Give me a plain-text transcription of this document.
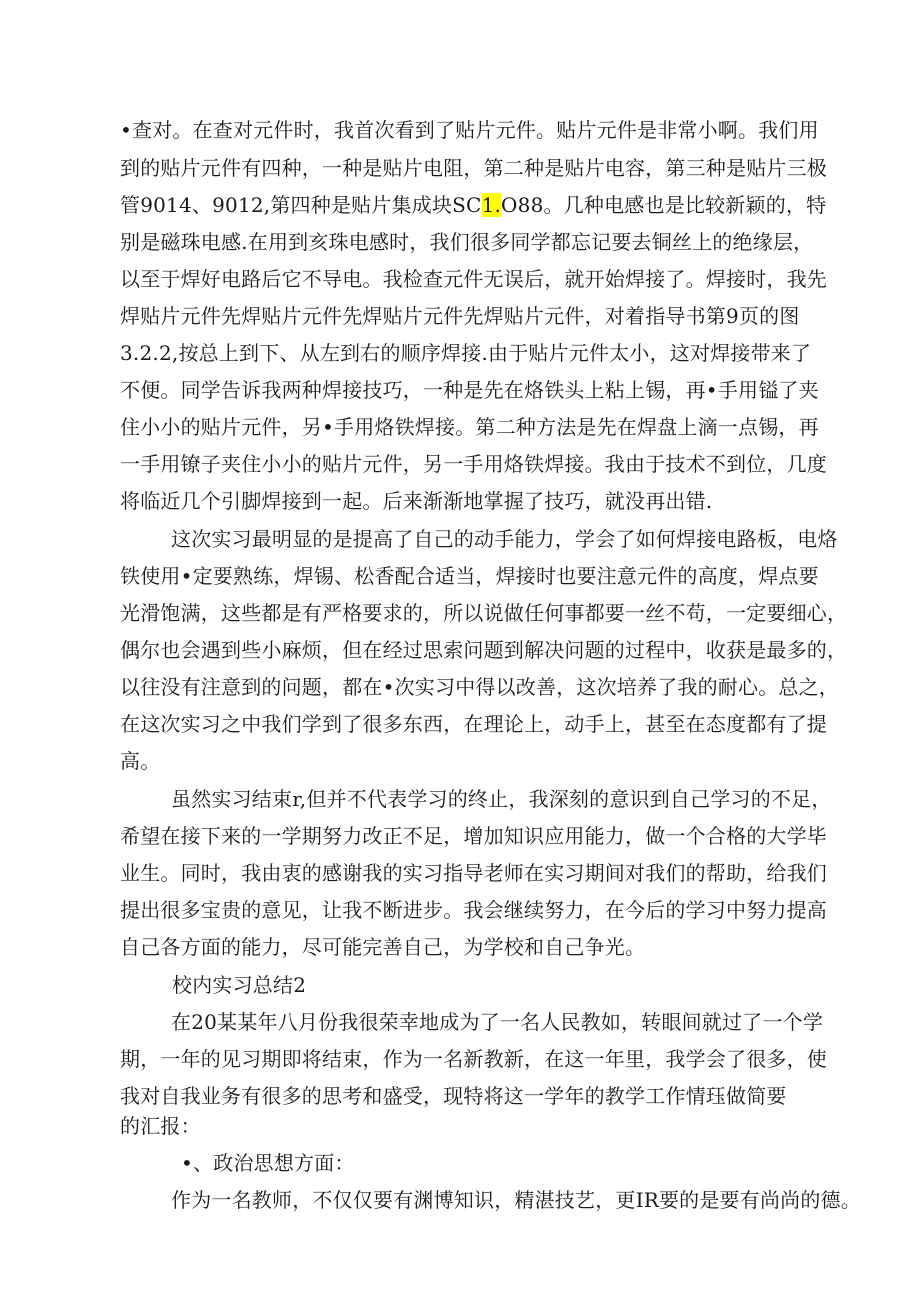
•查对。在查对元件时，我首次看到了贴片元件。贴片元件是非常小啊。我们用
到的贴片元件有四种，一种是贴片电阻，第二种是贴片电容，第三种是贴片三极
管9014、9012,第四种是贴片集成块SC1.O88。几种电感也是比较新颖的，特
别是磁珠电感.在用到亥珠电感时，我们很多同学都忘记要去铜丝上的绝缘层，
以至于焊好电路后它不导电。我检查元件无误后，就开始焊接了。焊接时，我先
焊贴片元件先焊贴片元件先焊贴片元件先焊贴片元件，对着指导书第9页的图
3.2.2,按总上到下、从左到右的顺序焊接.由于贴片元件太小，这对焊接带来了
不便。同学告诉我两种焊接技巧，一种是先在烙铁头上粘上锡，再•手用镒了夹
住小小的贴片元件，另•手用烙铁焊接。第二种方法是先在焊盘上滴一点锡，再
一手用镣子夹住小小的贴片元件，另一手用烙铁焊接。我由于技术不到位，几度
将临近几个引脚焊接到一起。后来渐渐地掌握了技巧，就没再出错.
这次实习最明显的是提高了自己的动手能力，学会了如何焊接电路板，电烙
铁使用•定要熟练，焊锡、松香配合适当，焊接时也要注意元件的高度，焊点要
光滑饱满，这些都是有严格要求的，所以说做任何事都要一丝不苟，一定要细心，
偶尔也会遇到些小麻烦，但在经过思索问题到解决问题的过程中，收获是最多的，
以往没有注意到的问题，都在•次实习中得以改善，这次培养了我的耐心。总之，
在这次实习之中我们学到了很多东西，在理论上，动手上，甚至在态度都有了提
高。
虽然实习结束r,但并不代表学习的终止，我深刻的意识到自己学习的不足，
希望在接下来的一学期努力改正不足，增加知识应用能力，做一个合格的大学毕
业生。同时，我由衷的感谢我的实习指导老师在实习期间对我们的帮助，给我们
提出很多宝贵的意见，让我不断进步。我会继续努力，在今后的学习中努力提高
自己各方面的能力，尽可能完善自己，为学校和自己争光。
校内实习总结2
在20某某年八月份我很荣幸地成为了一名人民教如，转眼间就过了一个学
期，一年的见习期即将结束，作为一名新教新，在这一年里，我学会了很多，使
我对自我业务有很多的思考和盛受，现特将这一学年的教学工作情珏做简要
的汇报：
•、政治思想方面：
作为一名教师，不仅仅要有渊博知识，精湛技艺，更IR要的是要有尚尚的德。
